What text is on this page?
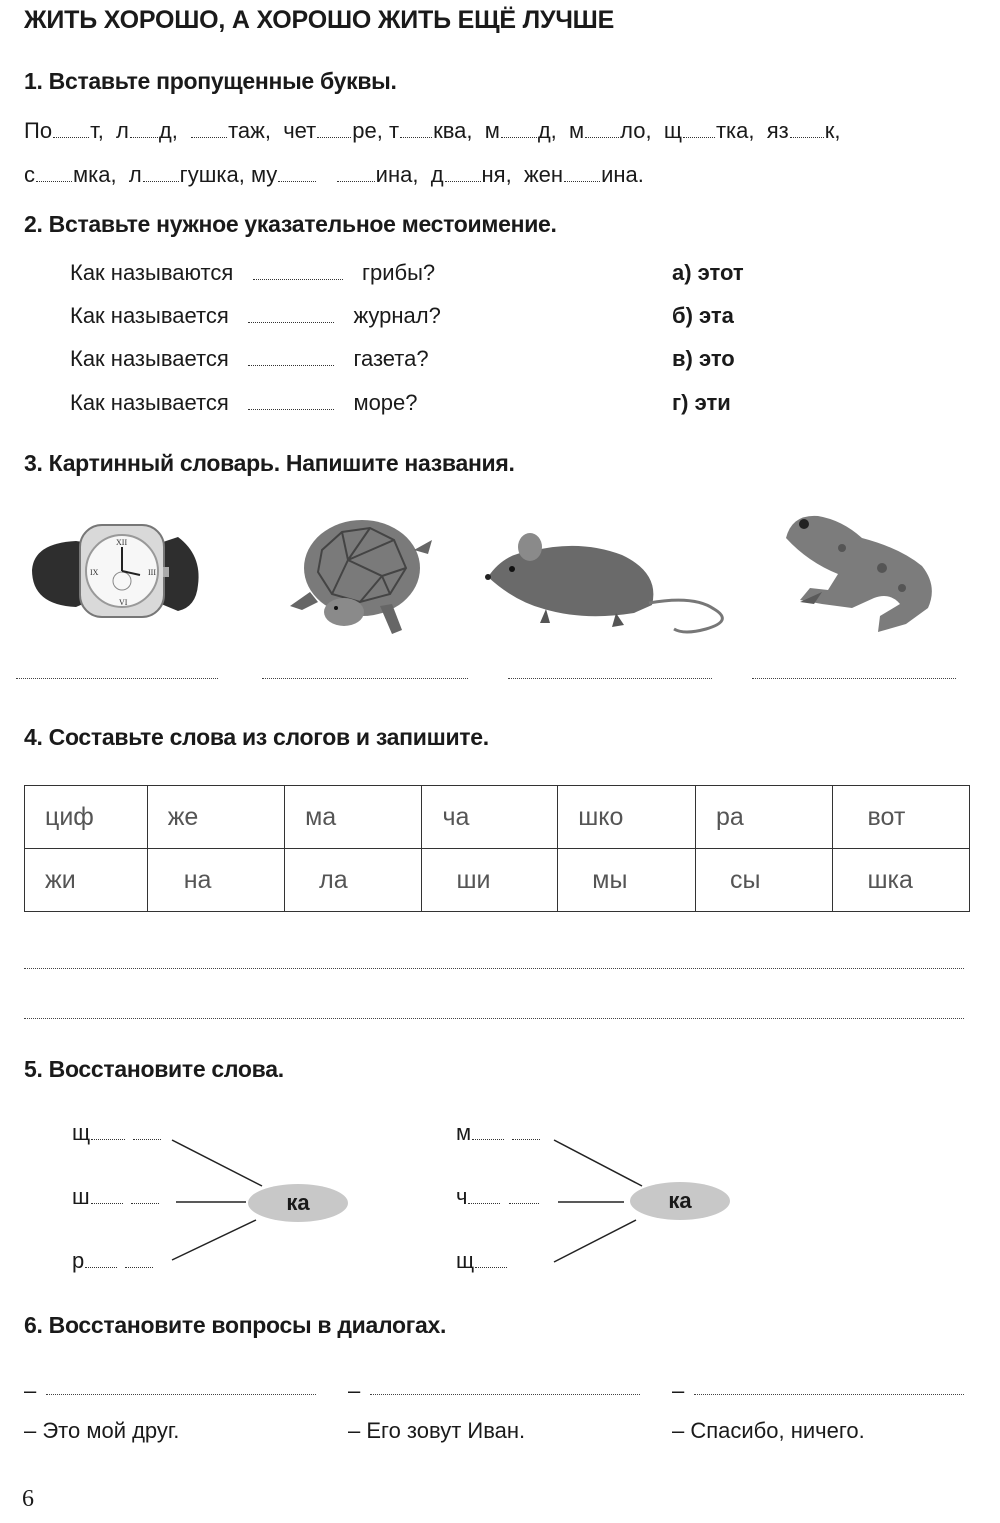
ЖИТЬ ХОРОШО, А ХОРОШО ЖИТЬ ЕЩЁ ЛУЧШЕ
1. Вставьте пропущенные буквы.
По т, л д, таж, чет ре, т ква, м д, м ло, щ тка, яз к,
с мка, л гушка, му	ина, д ня, жен ина.
2. Вставьте нужное указательное местоимение.
Как называются	грибы?
Как называется	журнал?
Как называется	газета?
Как называется	море?
а) этот
б) эта
в) это
г) эти
3. Картинный словарь. Напишите названия.
XII
III
VI
IX
4. Составьте слова из слогов и запишите.
циф	же	ма	ча	шко	ра	вот
жи	на	ла	ши	мы	сы	шка
5. Восстановите слова.
щ
ш
р
ка
м
ч
щ
ка
6. Восстановите вопросы в диалогах.
–	–	–
– Это мой друг.	– Его зовут Иван.	– Спасибо, ничего.
6
